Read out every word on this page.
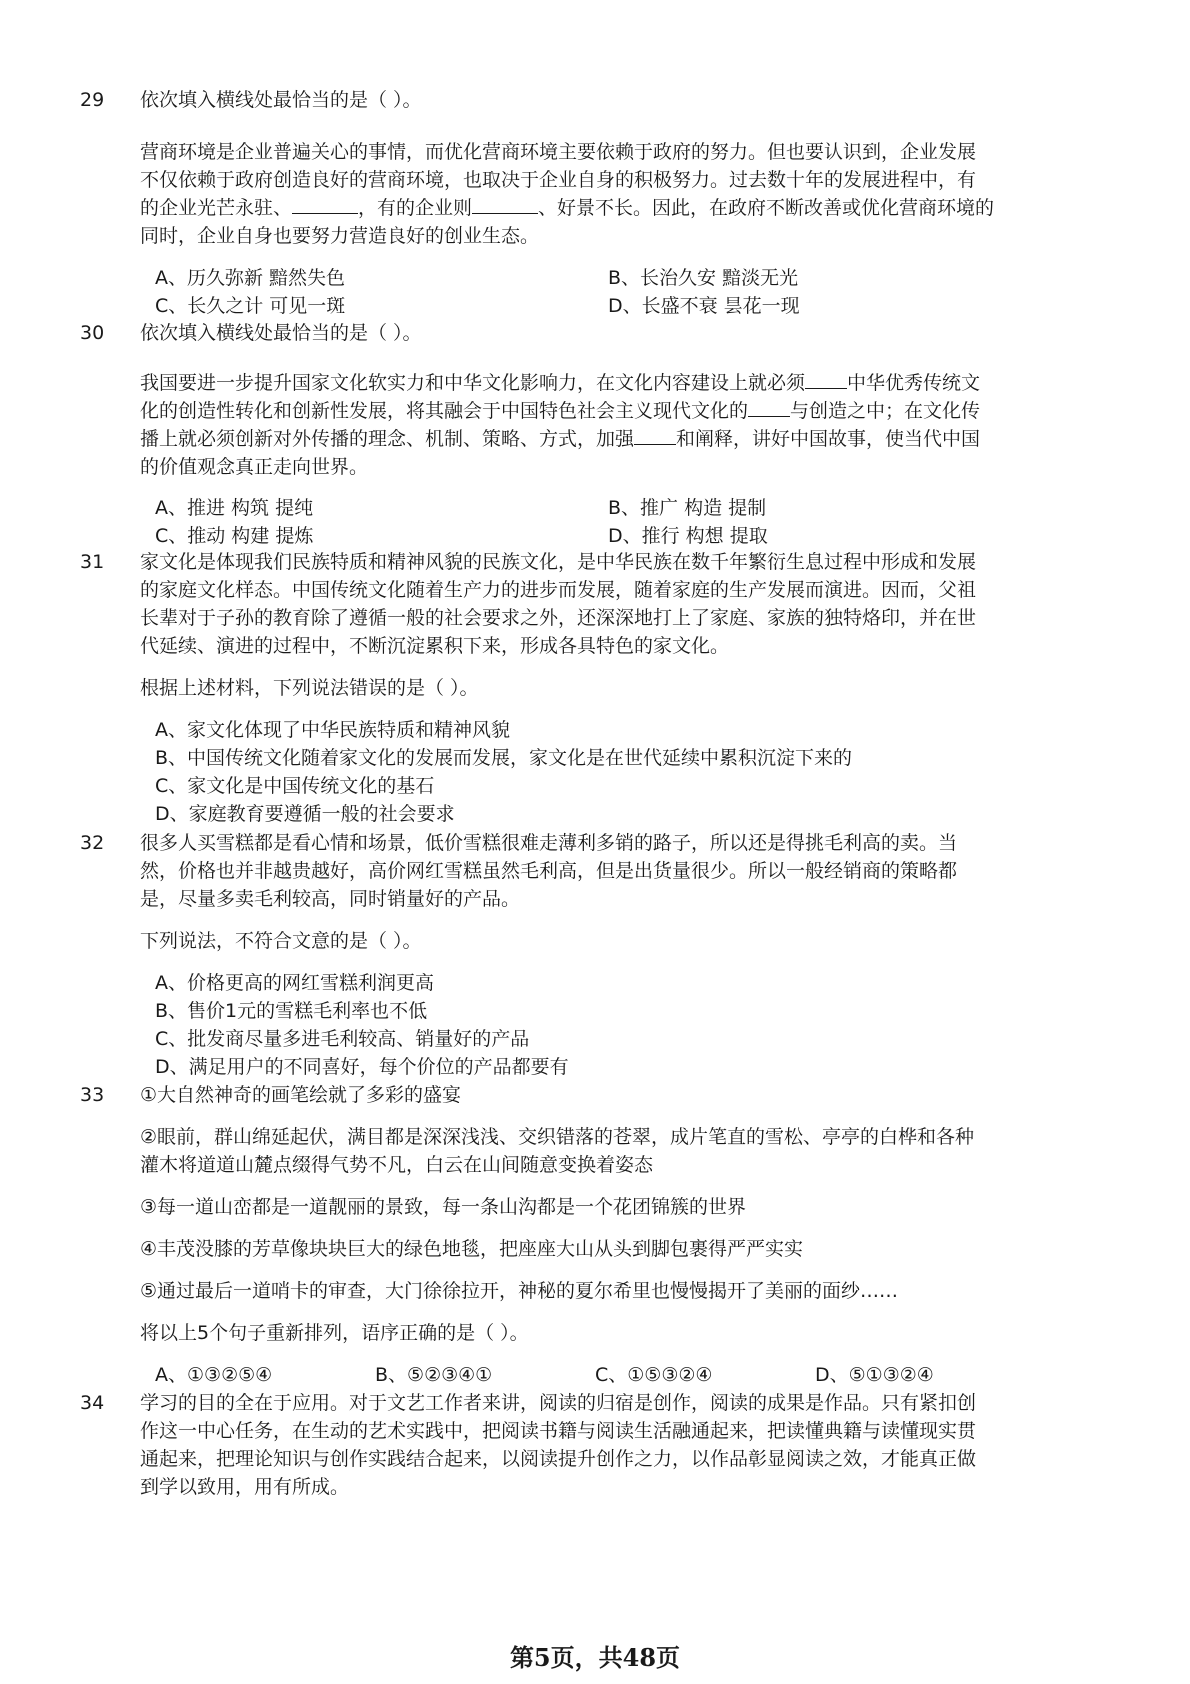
29 依次填入横线处最恰当的是（ ）。
营商环境是企业普遍关心的事情，而优化营商环境主要依赖于政府的努力。但也要认识到，企业发展
不仅依赖于政府创造良好的营商环境，也取决于企业自身的积极努力。过去数十年的发展进程中，有
的企业光芒永驻、	，有的企业则	、好景不长。因此，在政府不断改善或优化营商环境的
同时，企业自身也要努力营造良好的创业生态。
A、历久弥新 黯然失色	B、长治久安 黯淡无光
C、长久之计 可见一斑	D、长盛不衰 昙花一现
30 依次填入横线处最恰当的是（ ）。
我国要进一步提升国家文化软实力和中华文化影响力，在文化内容建设上就必须 中华优秀传统文
化的创造性转化和创新性发展，将其融会于中国特色社会主义现代文化的 与创造之中；在文化传
播上就必须创新对外传播的理念、机制、策略、方式，加强 和阐释，讲好中国故事，使当代中国
的价值观念真正走向世界。
A、推进 构筑 提纯	B、推广 构造 提制
C、推动 构建 提炼	D、推行 构想 提取
31 家文化是体现我们民族特质和精神风貌的民族文化，是中华民族在数千年繁衍生息过程中形成和发展
的家庭文化样态。中国传统文化随着生产力的进步而发展，随着家庭的生产发展而演进。因而，父祖
长辈对于子孙的教育除了遵循一般的社会要求之外，还深深地打上了家庭、家族的独特烙印，并在世
代延续、演进的过程中，不断沉淀累积下来，形成各具特色的家文化。
根据上述材料，下列说法错误的是（ ）。
A、家文化体现了中华民族特质和精神风貌
B、中国传统文化随着家文化的发展而发展，家文化是在世代延续中累积沉淀下来的
C、家文化是中国传统文化的基石
D、家庭教育要遵循一般的社会要求
32 很多人买雪糕都是看心情和场景，低价雪糕很难走薄利多销的路子，所以还是得挑毛利高的卖。当
然，价格也并非越贵越好，高价网红雪糕虽然毛利高，但是出货量很少。所以一般经销商的策略都
是，尽量多卖毛利较高，同时销量好的产品。
下列说法，不符合文意的是（ ）。
A、价格更高的网红雪糕利润更高
B、售价1元的雪糕毛利率也不低
C、批发商尽量多进毛利较高、销量好的产品
D、满足用户的不同喜好，每个价位的产品都要有
33 ①大自然神奇的画笔绘就了多彩的盛宴
②眼前，群山绵延起伏，满目都是深深浅浅、交织错落的苍翠，成片笔直的雪松、亭亭的白桦和各种
灌木将道道山麓点缀得气势不凡，白云在山间随意变换着姿态
③每一道山峦都是一道靓丽的景致，每一条山沟都是一个花团锦簇的世界
④丰茂没膝的芳草像块块巨大的绿色地毯，把座座大山从头到脚包裹得严严实实
⑤通过最后一道哨卡的审查，大门徐徐拉开，神秘的夏尔希里也慢慢揭开了美丽的面纱……
将以上5个句子重新排列，语序正确的是（ ）。
A、①③②⑤④	B、⑤②③④①	C、①⑤③②④	D、⑤①③②④
34 学习的目的全在于应用。对于文艺工作者来讲，阅读的归宿是创作，阅读的成果是作品。只有紧扣创
作这一中心任务，在生动的艺术实践中，把阅读书籍与阅读生活融通起来，把读懂典籍与读懂现实贯
通起来，把理论知识与创作实践结合起来，以阅读提升创作之力，以作品彰显阅读之效，才能真正做
到学以致用，用有所成。
第5页，共48页
